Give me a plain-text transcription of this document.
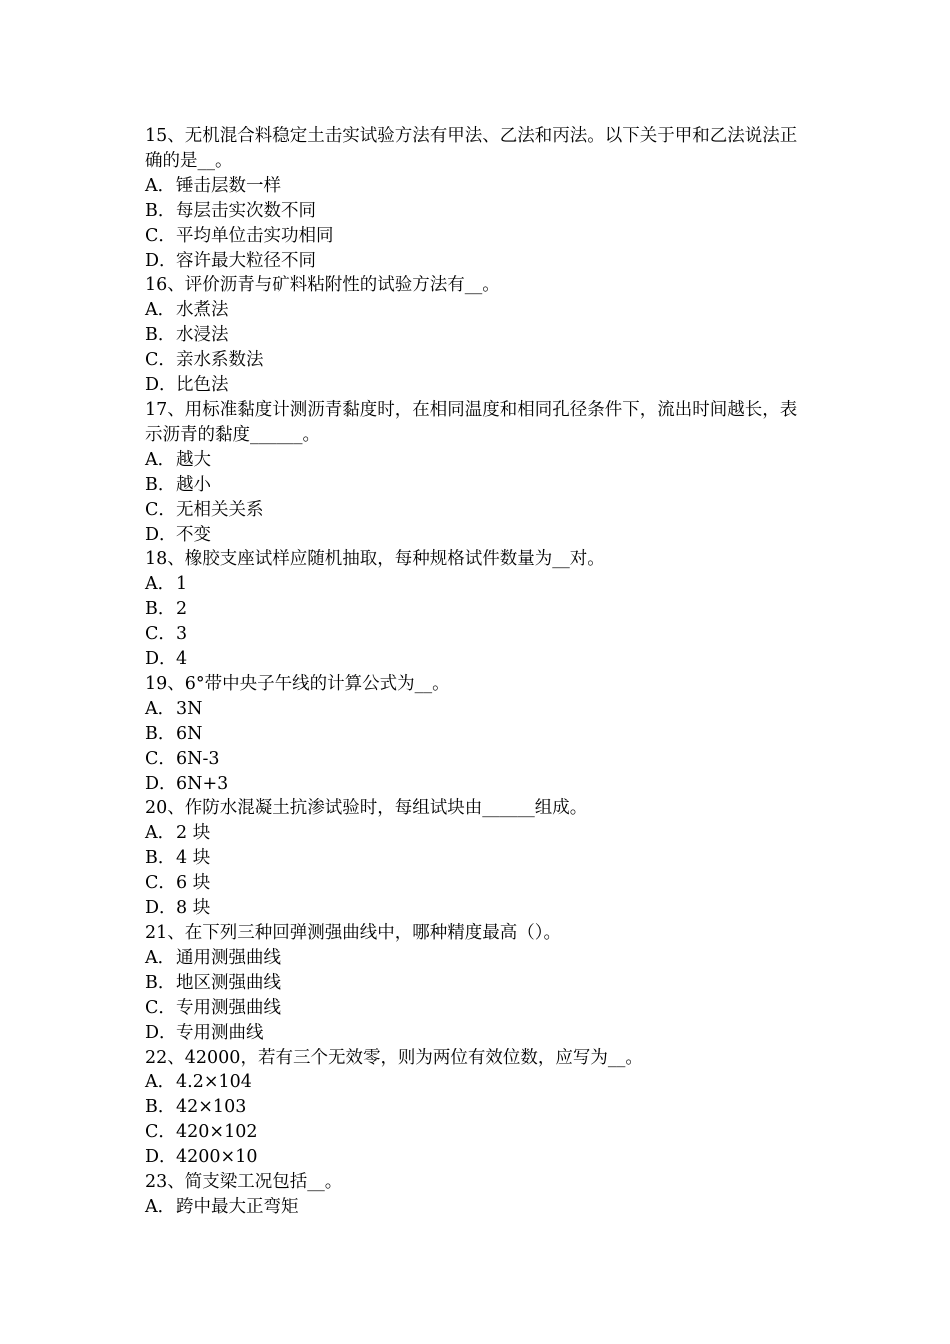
15、无机混合料稳定土击实试验方法有甲法、乙法和丙法。以下关于甲和乙法说法正确的是__。

A．锤击层数一样

B．每层击实次数不同

C．平均单位击实功相同

D．容许最大粒径不同

16、评价沥青与矿料粘附性的试验方法有__。

A．水煮法

B．水浸法

C．亲水系数法

D．比色法

17、用标准黏度计测沥青黏度时，在相同温度和相同孔径条件下，流出时间越长，表示沥青的黏度______。

A．越大

B．越小

C．无相关关系

D．不变

18、橡胶支座试样应随机抽取，每种规格试件数量为__对。

A．1

B．2

C．3

D．4

19、6°带中央子午线的计算公式为__。

A．3N

B．6N

C．6N-3

D．6N+3

20、作防水混凝土抗渗试验时，每组试块由______组成。

A．2 块

B．4 块

C．6 块

D．8 块

21、在下列三种回弹测强曲线中，哪种精度最高（）。

A．通用测强曲线

B．地区测强曲线

C．专用测强曲线

D．专用测曲线

22、42000，若有三个无效零，则为两位有效位数，应写为__。

A．4.2×104

B．42×103

C．420×102

D．4200×10

23、简支梁工况包括__。

A．跨中最大正弯矩
